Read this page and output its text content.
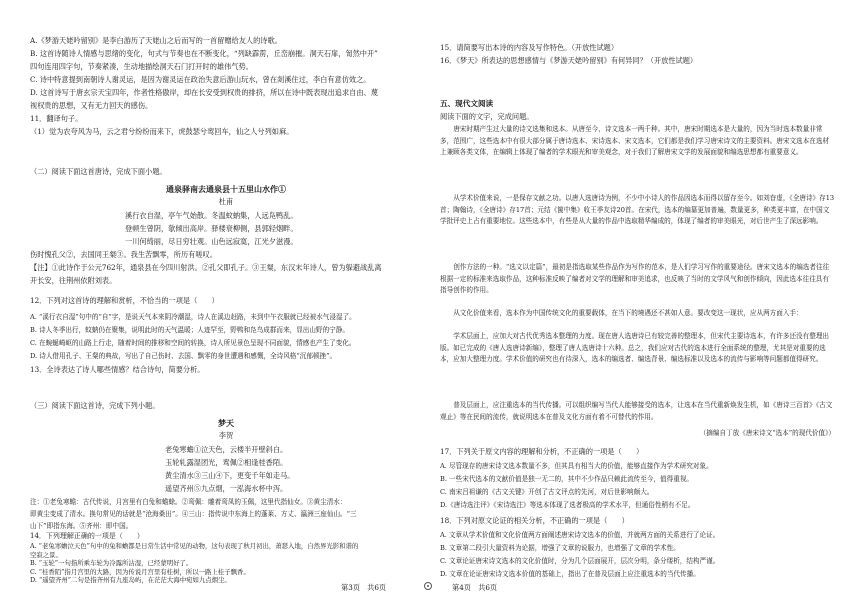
A.《梦游天姥吟留别》是李白游历了天姥山之后而写的一首留赠给友人的诗歌。
B. 这首诗随诗人情感与思绪的变化，句式与节奏也在不断变化，“列缺霹雳，丘峦崩摧。洞天石扉，訇然中开”
四句连用四字句，节奏紧凑，生动地描绘洞天石门打开时的雄伟气势。
C. 诗中特意提到南朝诗人谢灵运，是因为谢灵运在政治失意后游山玩水，曾在剡溪住过，李白有意仿效之。
D. 这首诗写于唐玄宗天宝四年，作者性格傲岸，却在长安受到权贵的排挤，所以在诗中既表现出追求自由、蔑
视权贵的思想，又有无力回天的感伤。
11．翻译句子。
（1）觉为农夸风为马，云之君兮纷纷而来下，虎鼓瑟兮鸾回车，仙之人兮列如麻。
（二）阅读下面这首唐诗，完成下面小题。
通泉驿南去通泉县十五里山水作①
杜甫
溪行衣自湿，亭午气始散。冬温蚊蚋集，人远凫鸭乱。
登顿生曾阴，欹倾出高岸。驿楼衰柳侧，县郭轻烟畔。
一川何绮丽，尽日穷壮观。山色远寂寞，江光夕滋漫。
伤时愧孔父②，去国同王粲③。我生苦飘零，所历有嗟叹。
【注】①此诗作于公元762年，通泉县在今四川射洪。②孔父即孔子。③王粲，东汉末年诗人，曾为躲避战乱离
开长安，往荆州依附刘表。
12．下列对这首诗的理解和赏析，不恰当的一项是（　　）
A. “溪行衣自湿”句中的“自”字，是说天气本来阴冷潮湿，诗人在溪边赶路，未到中午衣服就已经被水气浸湿了。
B. 诗人冬季出行，蚊蚋仍在聚集，说明此时的天气温暖；人迹罕至，野鸭和凫鸟成群而来，显出山野的宁静。
C. 在蜿蜒崎岖的山路上行走，随着时间的推移和空间的转换，诗人所见景色呈现不同面貌，情感也产生了变化。
D. 诗人借用孔子、王粲的典故，写出了自己伤时、去国、飘零的身世遭遇和感慨，全诗风格“沉郁顿挫”。
13．全诗表达了诗人哪些情感？结合诗句，简要分析。
（三）阅读下面这首诗，完成下列小题。
梦天
李贺
老兔寒蟾①泣天色，云楼半开壁斜白。
玉轮轧露湿团光，鸾佩②相逢桂香陌。
黄尘清水③三山④下，更变千年如走马。
遥望齐州⑤九点烟，一泓海水杯中泻。
注：①老兔寒蟾：古代传说，月宫里有白兔和蟾蜍。②鸾佩：雕着鸾凤的玉佩，这里代指仙女。③黄尘清水：
即黄尘变成了清水。换句常见的话就是“沧海桑田”。④三山：指传说中东海上的蓬莱、方丈、瀛洲三座仙山。“三
山下”即指东海。⑤齐州：即中国。
14．下列理解正确的一项是（　　）
A. “老兔寒蟾泣天色”句中的兔和蟾都是日常生活中常见的动物，这句表现了秋月初出，萧瑟入地，自然界光影和谐的
空寂之景。
B. “玉轮”一句指所乘车轮为冷露所沾湿，已经蒙明好了。
第3页　共6页	第4页　共6页
15．请简要写出本诗的内容及写作特色。（开放性试题）
16．《梦天》所表达的思想感情与《梦游天姥吟留别》有何异同？（开放性试题）
五、现代文阅读
阅读下面的文字，完成问题。
唐宋时期产生过大量的诗文选集和选本。从唐至今，诗文选本一两千种。其中，唐宋时期选本是大量的，因为当时选本数量非常多，范围广，这些选本中有很大部分属于唐诗选本、宋诗选本、宋文选本，它们都是我们学习唐宋诗文的主要资料。唐宋文选本在选材上兼顾各类文体，在编辑上体现了编者的学术眼光和审美观念，对于我们了解唐宋文学的发展面貌和编选思想都有重要意义。
从学术价值来说，一是保存文献之功。以唐人选唐诗为例，不少中小诗人的作品因选本而得以留存至今。如刘昚虚，《全唐诗》存13首；陶翰诗，《全唐诗》存17首；元结《箧中集》收王季友诗20首。在宋代，选本的编纂更加普遍，数量更多，种类更丰富，在中国文学批评史上占有重要地位。这些选本中，有些是从大量的作品中选取精华编成的，体现了编者的审美眼光，对后世产生了深远影响。
创作方法的一种。“选文以定篇”，最初是指选取某些作品作为写作的范本，是人们学习写作的重要途径。唐宋文选本的编选者往往根据一定的标准来选取作品，这种标准反映了编者对文学的理解和审美追求，也反映了当时的文学风气和创作倾向，因此选本往往具有指导创作的作用。
从文化价值来看，选本作为中国传统文化的重要载体，在当下的境遇还不甚如人意。要改变这一现状，应从两方面入手：
学术层面上，应加大对古代优秀选本整理的力度。现在唐人选唐诗已有较完善的整理本，但宋代主要诗选本，有许多还没有整理出版。如已完成的《唐人选唐诗新编》，整理了唐人选唐诗十六种。总之，我们应对古代的选本进行全面系统的整理，尤其是对重要的选本，应加大整理力度。学术价值的研究也有待深入，选本的编选者、编选背景、编选标准以及选本的流传与影响等问题都值得研究。
普及层面上，应注重选本的当代传播。可以组织编写当代人能够接受的选本，让选本在当代重新焕发生机，如《唐诗三百首》《古文观止》等在民间的流传，就说明选本在普及文化方面有着不可替代的作用。
（摘编自丁放《唐宋诗文“选本”的现代价值》）
17．下列关于原文内容的理解和分析，不正确的一项是（　　）
A. 尽管现存的唐宋诗文选本数量不多，但其具有相当大的价值，能够直接作为学术研究对象。
B. 一些宋代选本的文献价值是独一无二的，其中不少作品只赖此流传至今，值得重视。
C. 南宋吕祖谦的《古文关键》开创了古文评点的先河，对后世影响颇大。
D.《唐诗选注评》《宋诗选注》等选本体现了选者极高的学术水平，但通俗性稍有不足。
18．下列对原文论证的相关分析，不正确的一项是（　　）
A. 文章从学术价值和文化价值两方面阐述唐宋诗文选本的价值，并就两方面的关系进行了论证。
B. 文章第二段引大量资料为论据，增强了文章的说服力，也增强了文章的学术性。
C. 文章论证唐宋诗文选本的文化价值时，分为几个层面展开，层次分明，条分缕析，结构严谨。
D. 文章在论证唐宋诗文选本价值的基础上，指出了在普及层面上应注重选本的当代传播。
C. “桂香陌”指月宫里的大路，因为传说月宫里有桂树，所以一路上桂子飘香。
D. “遥望齐州”二句是指齐州有九座岛屿，在茫茫大海中宛如九点烟尘。
